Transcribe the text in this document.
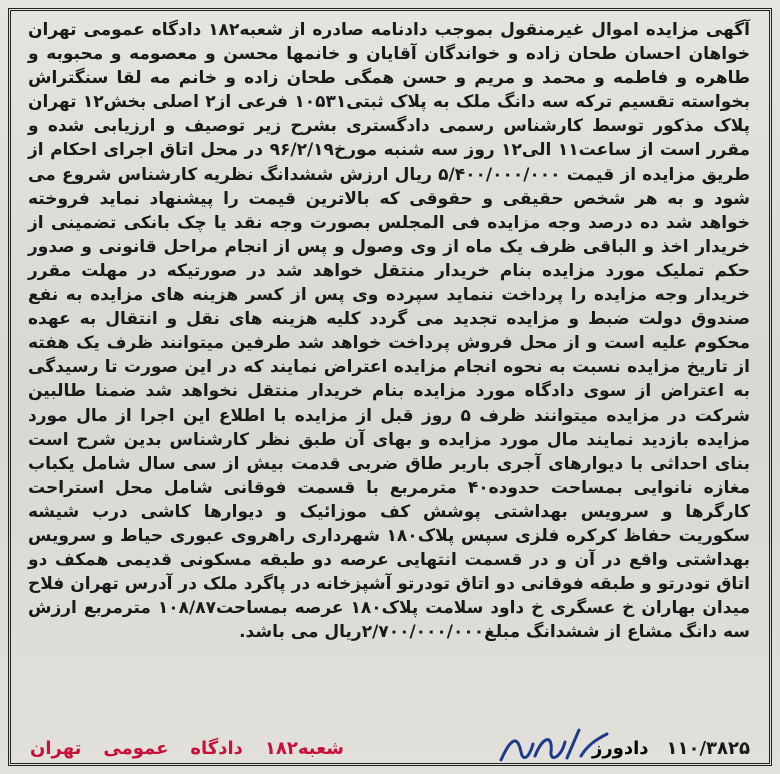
آگهی مزایده اموال غیرمنقول بموجب دادنامه صادره از شعبه۱۸۲ دادگاه عمومی تهران خواهان احسان طحان زاده و خواندگان آقایان و خانمها محسن و معصومه و محبوبه و طاهره و فاطمه و محمد و مریم و حسن همگی طحان زاده و خانم مه لقا سنگتراش بخواسته تقسیم ترکه سه دانگ ملک به پلاک ثبتی۱۰۵۳۱ فرعی از۲ اصلی بخش۱۲ تهران پلاک مذکور توسط کارشناس رسمی دادگستری بشرح زیر توصیف و ارزیابی شده و مقرر است از ساعت۱۱ الی۱۲ روز سه شنبه مورخ۹۶/۲/۱۹ در محل اتاق اجرای احکام از طریق مزایده از قیمت ۵/۴۰۰/۰۰۰/۰۰۰ ریال ارزش ششدانگ نظریه کارشناس شروع می شود و به هر شخص حقیقی و حقوقی که بالاترین قیمت را پیشنهاد نماید فروخته خواهد شد ده درصد وجه مزایده فی المجلس بصورت وجه نقد یا چک بانکی تضمینی از خریدار اخذ و الباقی ظرف یک ماه از وی وصول و پس از انجام مراحل قانونی و صدور حکم تملیک مورد مزایده بنام خریدار منتقل خواهد شد در صورتیکه در مهلت مقرر خریدار وجه مزایده را پرداخت ننماید سپرده وی پس از کسر هزینه های مزایده به نفع صندوق دولت ضبط و مزایده تجدید می گردد کلیه هزینه های نقل و انتقال به عهده محکوم علیه است و از محل فروش پرداخت خواهد شد طرفین میتوانند ظرف یک هفته از تاریخ مزایده نسبت به نحوه انجام مزایده اعتراض نمایند که در این صورت تا رسیدگی به اعتراض از سوی دادگاه مورد مزایده بنام خریدار منتقل نخواهد شد ضمنا طالبین شرکت در مزایده میتوانند ظرف ۵ روز قبل از مزایده با اطلاع این اجرا از مال مورد مزایده بازدید نمایند مال مورد مزایده و بهای آن طبق نظر کارشناس بدین شرح است بنای احداثی با دیوارهای آجری باربر طاق ضربی قدمت بیش از سی سال شامل یکباب مغازه نانوایی بمساحت حدوده۴۰ مترمربع با قسمت فوقانی شامل محل استراحت کارگرها و سرویس بهداشتی پوشش کف موزائیک و دیوارها کاشی درب شیشه سکوریت حفاظ کرکره فلزی سپس پلاک۱۸۰ شهرداری راهروی عبوری حیاط و سرویس بهداشتی واقع در آن و در قسمت انتهایی عرصه دو طبقه مسکونی قدیمی همکف دو اتاق تودرتو و طبقه فوقانی دو اتاق تودرتو آشپزخانه در پاگرد ملک در آدرس تهران فلاح میدان بهاران خ عسگری خ داود سلامت پلاک۱۸۰ عرصه بمساحت۱۰۸/۸۷ مترمربع ارزش سه دانگ مشاع از ششدانگ مبلغ۲/۷۰۰/۰۰۰/۰۰۰ریال می باشد.

۱۱۰/۳۸۲۵
دادورز
شعبه۱۸۲
دادگاه
عمومی
تهران
